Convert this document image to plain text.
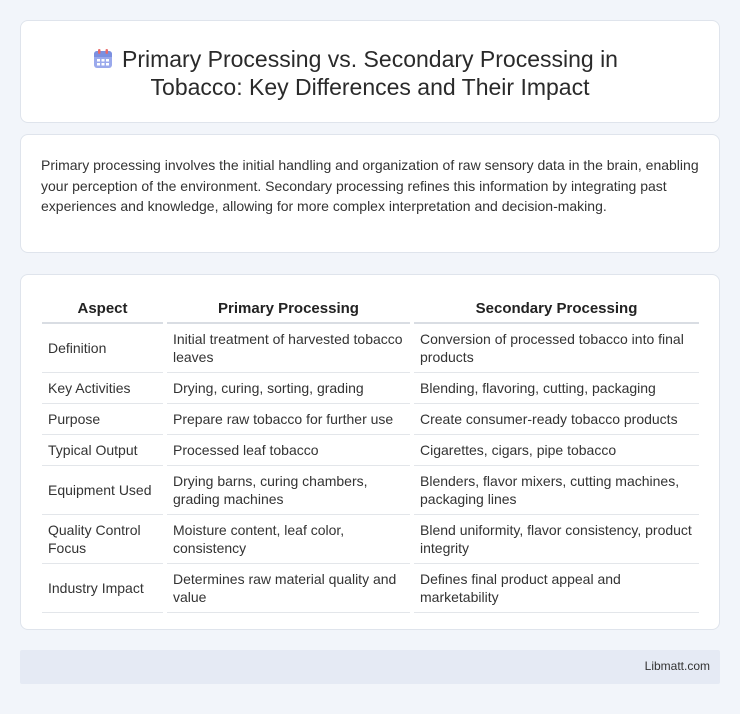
Primary Processing vs. Secondary Processing in Tobacco: Key Differences and Their Impact

Primary processing involves the initial handling and organization of raw sensory data in the brain, enabling your perception of the environment. Secondary processing refines this information by integrating past experiences and knowledge, allowing for more complex interpretation and decision-making.

Aspect	Primary Processing	Secondary Processing
Definition	Initial treatment of harvested tobacco leaves	Conversion of processed tobacco into final products
Key Activities	Drying, curing, sorting, grading	Blending, flavoring, cutting, packaging
Purpose	Prepare raw tobacco for further use	Create consumer-ready tobacco products
Typical Output	Processed leaf tobacco	Cigarettes, cigars, pipe tobacco
Equipment Used	Drying barns, curing chambers, grading machines	Blenders, flavor mixers, cutting machines, packaging lines
Quality Control Focus	Moisture content, leaf color, consistency	Blend uniformity, flavor consistency, product integrity
Industry Impact	Determines raw material quality and value	Defines final product appeal and marketability
Libmatt.com
